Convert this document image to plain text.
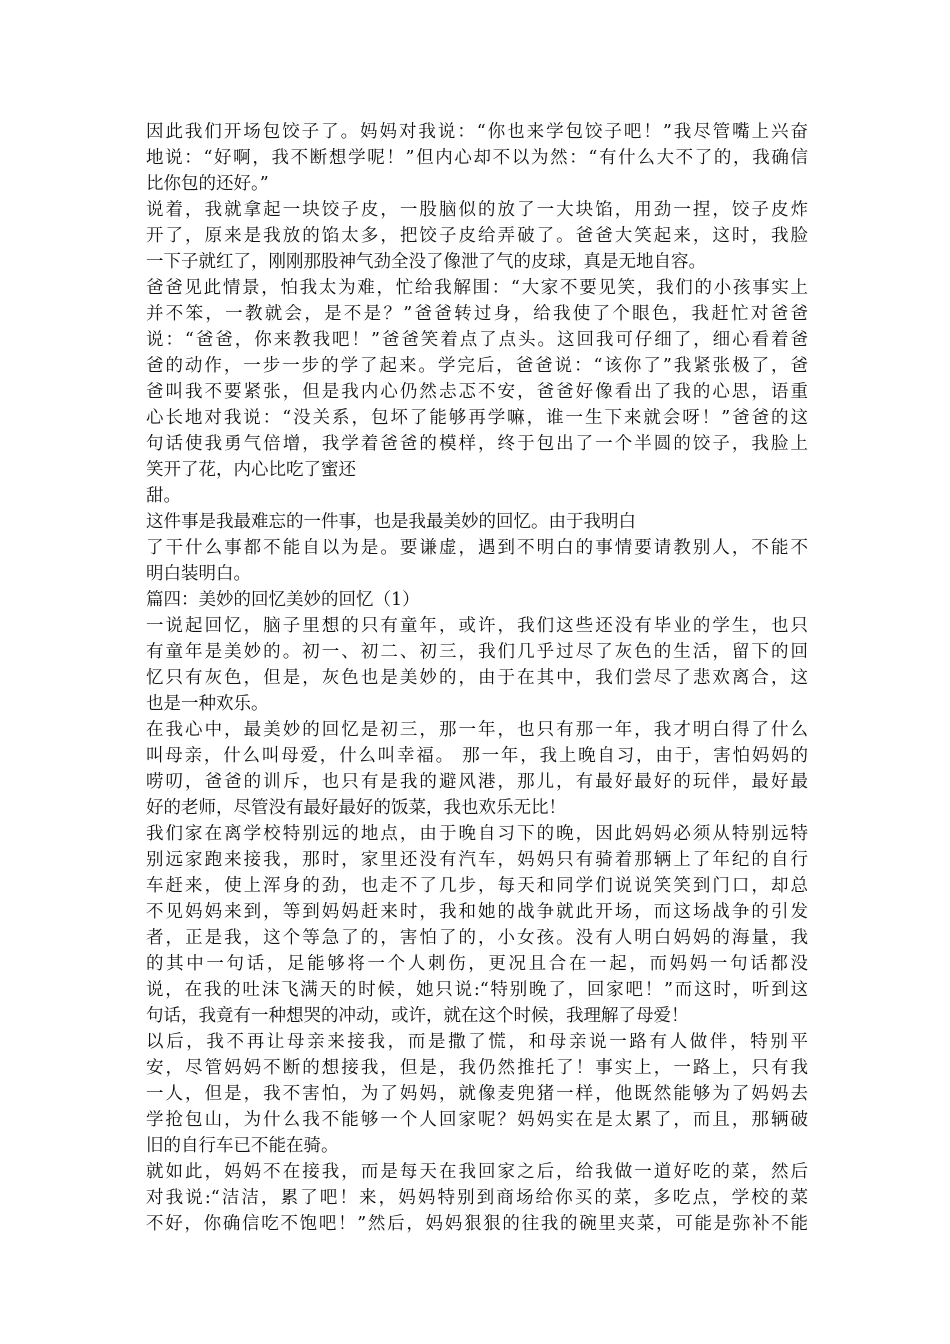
因此我们开场包饺子了。妈妈对我说：“你也来学包饺子吧！”我尽管嘴上兴奋
地说：“好啊，我不断想学呢！”但内心却不以为然：“有什么大不了的，我确信
比你包的还好。”
说着，我就拿起一块饺子皮，一股脑似的放了一大块馅，用劲一捏，饺子皮炸
开了，原来是我放的馅太多，把饺子皮给弄破了。爸爸大笑起来，这时，我脸
一下子就红了，刚刚那股神气劲全没了像泄了气的皮球，真是无地自容。
爸爸见此情景，怕我太为难，忙给我解围：“大家不要见笑，我们的小孩事实上
并不笨，一教就会，是不是？”爸爸转过身，给我使了个眼色，我赶忙对爸爸
说：“爸爸，你来教我吧！”爸爸笑着点了点头。这回我可仔细了，细心看着爸
爸的动作，一步一步的学了起来。学完后，爸爸说：“该你了”我紧张极了，爸
爸叫我不要紧张，但是我内心仍然忐忑不安，爸爸好像看出了我的心思，语重
心长地对我说：“没关系，包坏了能够再学嘛，谁一生下来就会呀！”爸爸的这
句话使我勇气倍增，我学着爸爸的模样，终于包出了一个半圆的饺子，我脸上
笑开了花，内心比吃了蜜还
甜。
这件事是我最难忘的一件事，也是我最美妙的回忆。由于我明白
了干什么事都不能自以为是。要谦虚，遇到不明白的事情要请教别人，不能不
明白装明白。
篇四：美妙的回忆美妙的回忆（1）
一说起回忆，脑子里想的只有童年，或许，我们这些还没有毕业的学生，也只
有童年是美妙的。初一、初二、初三，我们几乎过尽了灰色的生活，留下的回
忆只有灰色，但是，灰色也是美妙的，由于在其中，我们尝尽了悲欢离合，这
也是一种欢乐。
在我心中，最美妙的回忆是初三，那一年，也只有那一年，我才明白得了什么
叫母亲，什么叫母爱，什么叫幸福。 那一年，我上晚自习，由于，害怕妈妈的
唠叨，爸爸的训斥，也只有是我的避风港，那儿，有最好最好的玩伴，最好最
好的老师，尽管没有最好最好的饭菜，我也欢乐无比！
我们家在离学校特别远的地点，由于晚自习下的晚，因此妈妈必须从特别远特
别远家跑来接我，那时，家里还没有汽车，妈妈只有骑着那辆上了年纪的自行
车赶来，使上浑身的劲，也走不了几步，每天和同学们说说笑笑到门口，却总
不见妈妈来到，等到妈妈赶来时，我和她的战争就此开场，而这场战争的引发
者，正是我，这个等急了的，害怕了的，小女孩。没有人明白妈妈的海量，我
的其中一句话，足能够将一个人刺伤，更况且合在一起，而妈妈一句话都没
说，在我的吐沫飞满天的时候，她只说:“特别晚了，回家吧！”而这时，听到这
句话，我竟有一种想哭的冲动，或许，就在这个时候，我理解了母爱！
以后，我不再让母亲来接我，而是撒了慌，和母亲说一路有人做伴，特别平
安，尽管妈妈不断的想接我，但是，我仍然推托了！事实上，一路上，只有我
一人，但是，我不害怕，为了妈妈，就像麦兜猪一样，他既然能够为了妈妈去
学抢包山，为什么我不能够一个人回家呢？妈妈实在是太累了，而且，那辆破
旧的自行车已不能在骑。
就如此，妈妈不在接我，而是每天在我回家之后，给我做一道好吃的菜，然后
对我说:“洁洁，累了吧！来，妈妈特别到商场给你买的菜，多吃点，学校的菜
不好，你确信吃不饱吧！”然后，妈妈狠狠的往我的碗里夹菜，可能是弥补不能
